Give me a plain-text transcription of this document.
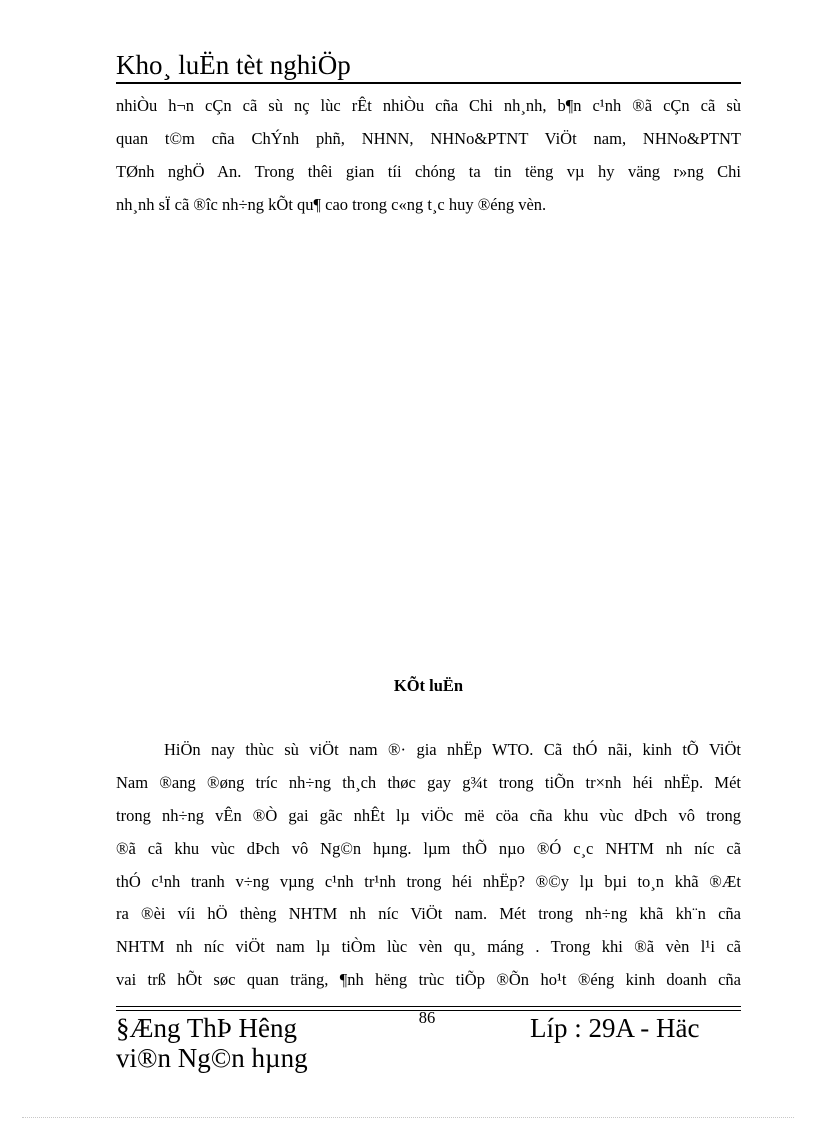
Kho¸ luËn tèt nghiÖp
nhiÒu h¬n cÇn cã sù nç lùc rÊt nhiÒu cña Chi nh¸nh, b¶n c¹nh ®ã cÇn cã sù
quan t©m cña ChÝnh phñ, NHNN, NHNo&PTNT ViÖt nam, NHNo&PTNT
TØnh nghÖ An. Trong thêi gian tíi chóng ta tin tëng vµ hy väng r»ng Chi
nh¸nh sÏ cã ®îc nh÷ng kÕt qu¶ cao trong c«ng t¸c huy ®éng vèn.
KÕt luËn
HiÖn nay thùc sù viÖt nam ®· gia nhËp WTO. Cã thÓ nãi, kinh tÕ ViÖt
Nam ®ang ®øng tríc nh÷ng th¸ch thøc gay g¾t trong tiÕn tr×nh héi nhËp. Mét
trong nh÷ng vÊn ®Ò gai gãc nhÊt lµ viÖc më cöa cña khu vùc dÞch vô trong
®ã cã khu vùc dÞch vô Ng©n hµng. lµm thÕ nµo ®Ó c¸c NHTM nh níc cã
thÓ c¹nh tranh v÷ng vµng c¹nh tr¹nh trong héi nhËp? ®©y lµ bµi to¸n khã ®Æt
ra ®èi víi hÖ thèng NHTM nh níc ViÖt nam. Mét trong nh÷ng khã kh¨n cña
NHTM nh níc viÖt nam lµ tiÒm lùc vèn qu¸ máng . Trong khi ®ã vèn l¹i cã
vai trß hÕt søc quan träng, ¶nh hëng trùc tiÕp ®Õn ho¹t ®éng kinh doanh cña
§Æng ThÞ Hêng
vi®n Ng©n hµng
86	Líp : 29A - Häc
